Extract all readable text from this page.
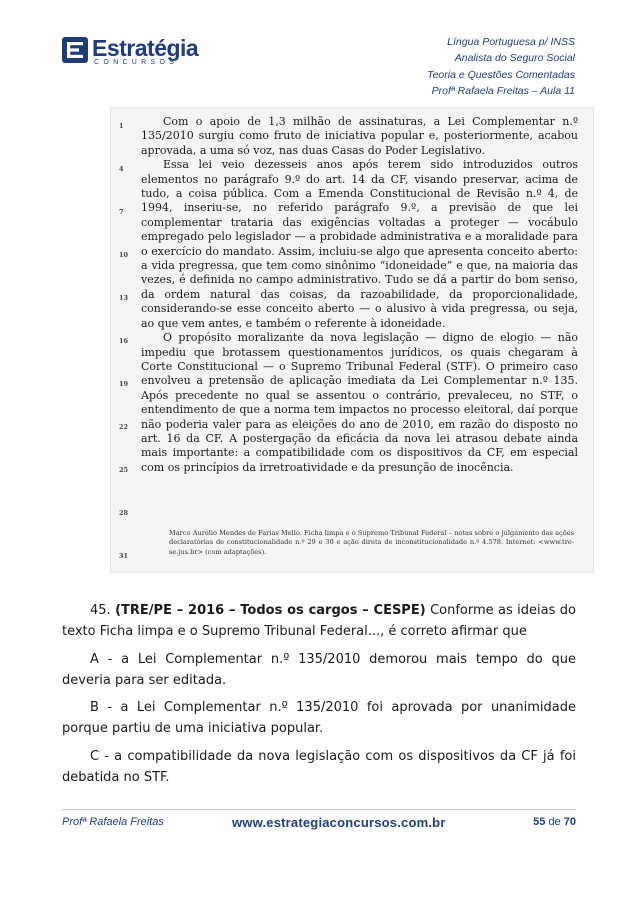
Estratégia
CONCURSOS
Língua Portuguesa p/ INSS
Analista do Seguro Social
Teoria e Questões Comentadas
Profª Rafaela Freitas – Aula 11
1
4
7
10
13
16
19
22
25
28
31

Com o apoio de 1,3 milhão de assinaturas, a Lei Complementar n.º 135/2010 surgiu como fruto de iniciativa popular e, posteriormente, acabou aprovada, a uma só voz, nas duas Casas do Poder Legislativo.

Essa lei veio dezesseis anos após terem sido introduzidos outros elementos no parágrafo 9.º do art. 14 da CF, visando preservar, acima de tudo, a coisa pública. Com a Emenda Constitucional de Revisão n.º 4, de 1994, inseriu-se, no referido parágrafo 9.º, a previsão de que lei complementar trataria das exigências voltadas a proteger — vocábulo empregado pelo legislador — a probidade administrativa e a moralidade para o exercício do mandato. Assim, incluiu-se algo que apresenta conceito aberto: a vida pregressa, que tem como sinônimo “idoneidade” e que, na maioria das vezes, é definida no campo administrativo. Tudo se dá a partir do bom senso, da ordem natural das coisas, da razoabilidade, da proporcionalidade, considerando-se esse conceito aberto — o alusivo à vida pregressa, ou seja, ao que vem antes, e também o referente à idoneidade.

O propósito moralizante da nova legislação — digno de elogio — não impediu que brotassem questionamentos jurídicos, os quais chegaram à Corte Constitucional — o Supremo Tribunal Federal (STF). O primeiro caso envolveu a pretensão de aplicação imediata da Lei Complementar n.º 135. Após precedente no qual se assentou o contrário, prevaleceu, no STF, o entendimento de que a norma tem impactos no processo eleitoral, daí porque não poderia valer para as eleições do ano de 2010, em razão do disposto no art. 16 da CF. A postergação da eficácia da nova lei atrasou debate ainda mais importante: a compatibilidade com os dispositivos da CF, em especial com os princípios da irretroatividade e da presunção de inocência.

Marco Aurélio Mendes de Farias Mello. Ficha limpa e o Supremo Tribunal Federal – notas sobre o julgamento das ações declaratórias de constitucionalidade n.º 29 e 30 e ação direta de inconstitucionalidade n.º 4.578. Internet: <www.tre-se.jus.br> (com adaptações).

45. (TRE/PE – 2016 – Todos os cargos – CESPE) Conforme as ideias do texto Ficha limpa e o Supremo Tribunal Federal..., é correto afirmar que

A - a Lei Complementar n.º 135/2010 demorou mais tempo do que deveria para ser editada.

B - a Lei Complementar n.º 135/2010 foi aprovada por unanimidade porque partiu de uma iniciativa popular.

C - a compatibilidade da nova legislação com os dispositivos da CF já foi debatida no STF.

Profª Rafaela Freitas	www.estrategiaconcursos.com.br	55 de 70
